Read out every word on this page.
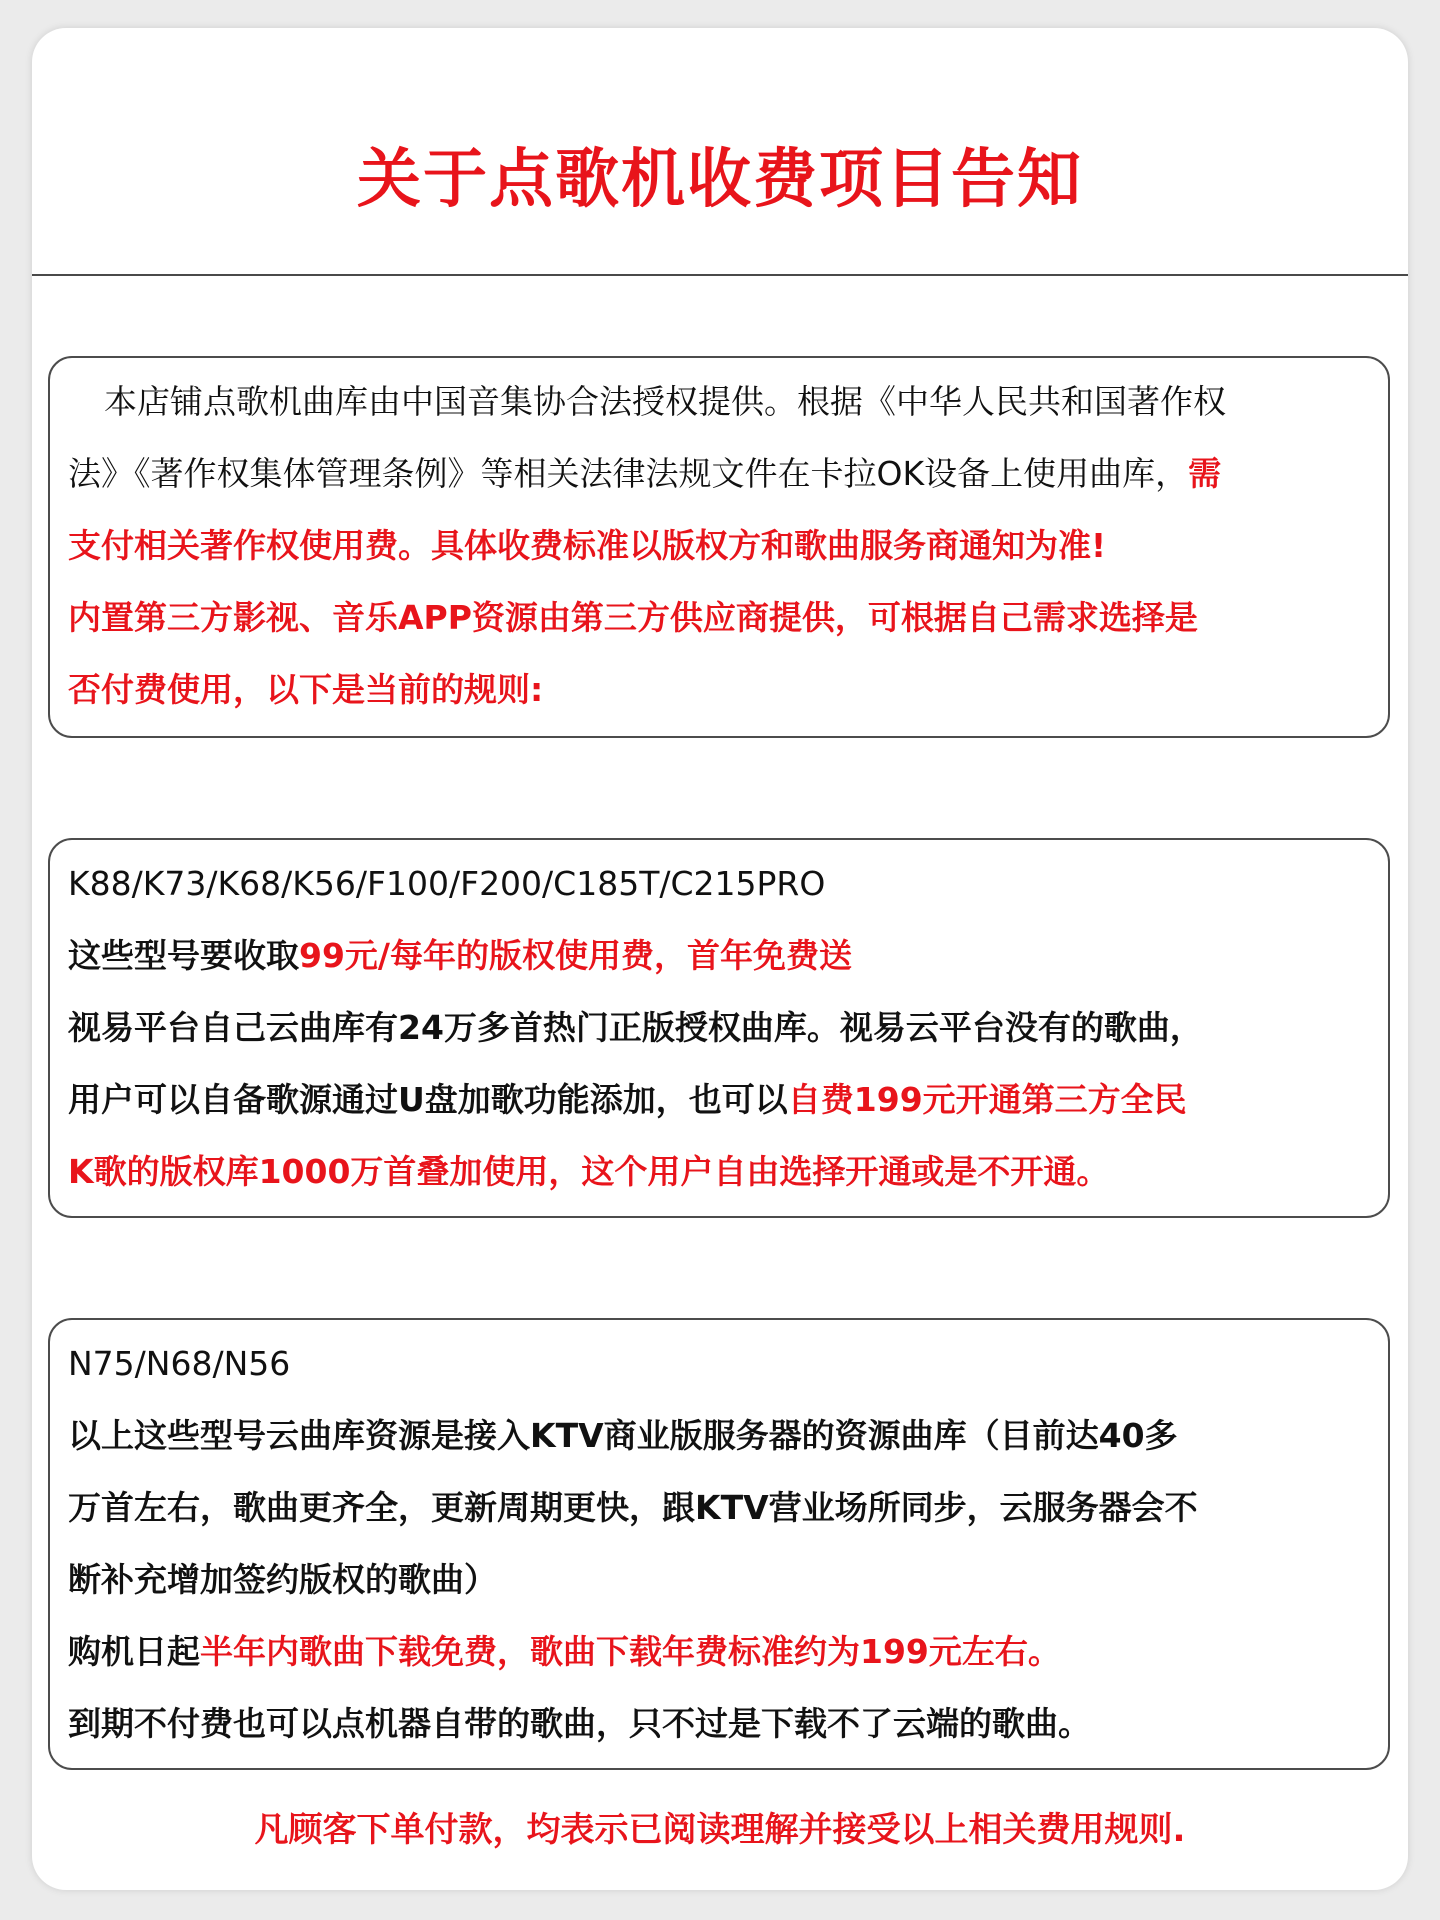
关于点歌机收费项目告知
本店铺点歌机曲库由中国音集协合法授权提供。根据《中华人民共和国著作权
法》《著作权集体管理条例》等相关法律法规文件在卡拉OK设备上使用曲库，需
支付相关著作权使用费。具体收费标准以版权方和歌曲服务商通知为准!
内置第三方影视、音乐APP资源由第三方供应商提供，可根据自己需求选择是
否付费使用，以下是当前的规则:
K88/K73/K68/K56/F100/F200/C185T/C215PRO
这些型号要收取99元/每年的版权使用费，首年免费送
视易平台自己云曲库有24万多首热门正版授权曲库。视易云平台没有的歌曲，
用户可以自备歌源通过U盘加歌功能添加，也可以自费199元开通第三方全民
K歌的版权库1000万首叠加使用，这个用户自由选择开通或是不开通。
N75/N68/N56
以上这些型号云曲库资源是接入KTV商业版服务器的资源曲库（目前达40多
万首左右，歌曲更齐全，更新周期更快，跟KTV营业场所同步，云服务器会不
断补充增加签约版权的歌曲）
购机日起半年内歌曲下载免费，歌曲下载年费标准约为199元左右。
到期不付费也可以点机器自带的歌曲，只不过是下载不了云端的歌曲。
凡顾客下单付款，均表示已阅读理解并接受以上相关费用规则.
